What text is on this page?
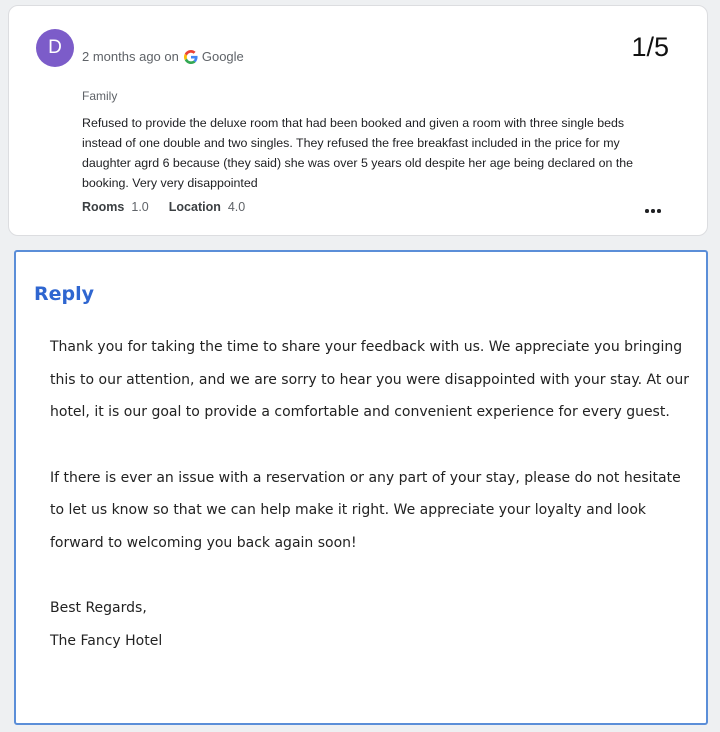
D 2 months ago on Google	1/5
Family
Refused to provide the deluxe room that had been booked and given a room with three single beds instead of one double and two singles. They refused the free breakfast included in the price for my daughter agrd 6 because (they said) she was over 5 years old despite her age being declared on the booking. Very very disappointed
Rooms 1.0 Location 4.0
Reply

Thank you for taking the time to share your feedback with us. We appreciate you bringing this to our attention, and we are sorry to hear you were disappointed with your stay. At our hotel, it is our goal to provide a comfortable and convenient experience for every guest.

If there is ever an issue with a reservation or any part of your stay, please do not hesitate to let us know so that we can help make it right. We appreciate your loyalty and look forward to welcoming you back again soon!

Best Regards,
The Fancy Hotel
